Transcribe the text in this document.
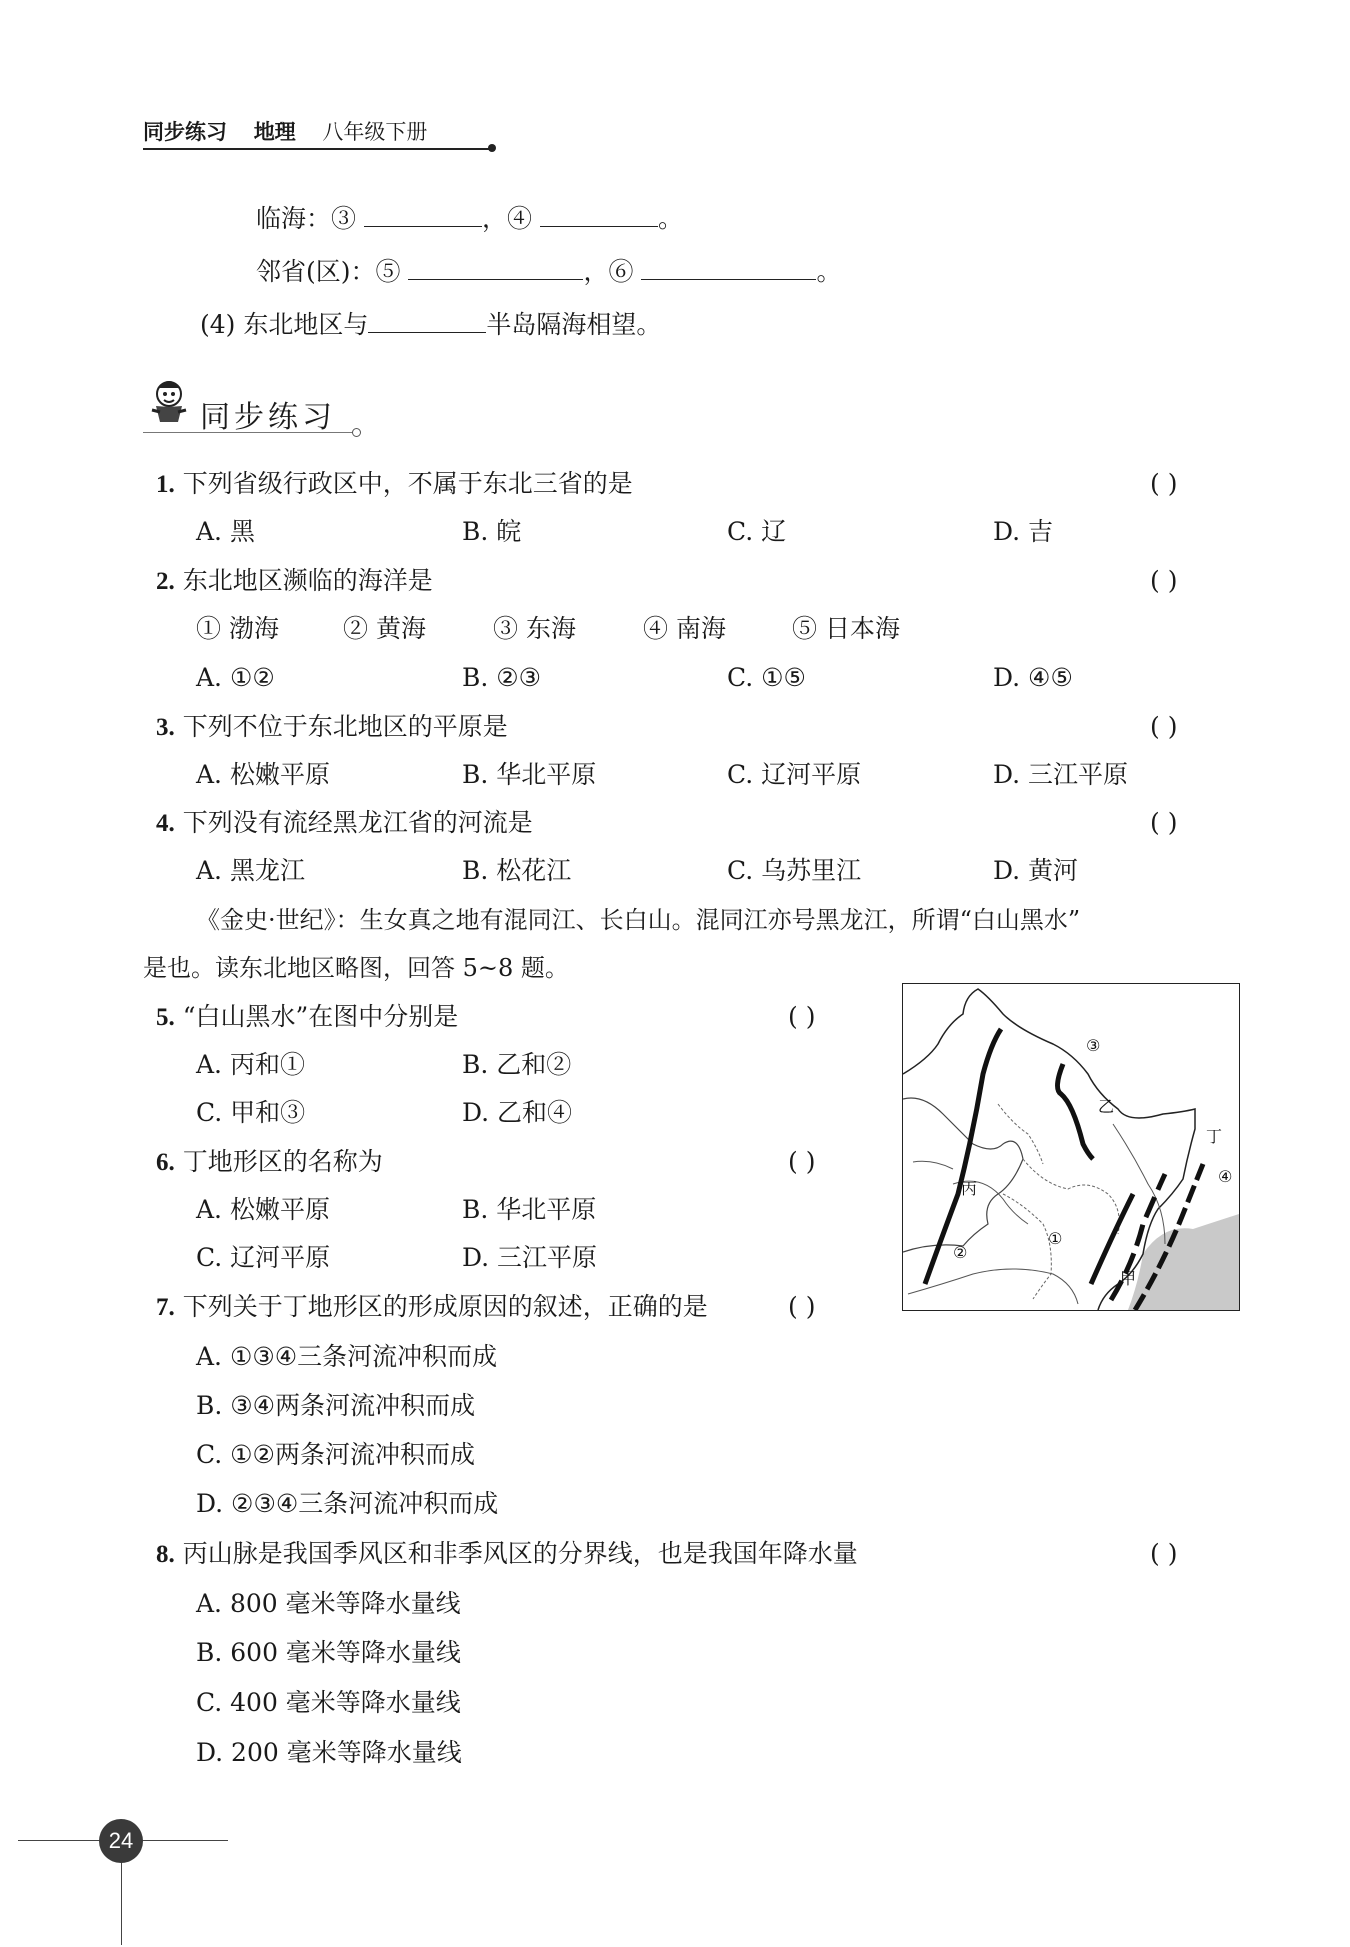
同步练习 地理 八年级下册
临海：③	，④	。
邻省(区)：⑤	，⑥	。
(4) 东北地区与	半岛隔海相望。
同步练习
1. 下列省级行政区中，不属于东北三省的是	( )
A. 黑	B. 皖	C. 辽	D. 吉
2. 东北地区濒临的海洋是	( )
① 渤海	② 黄海	③ 东海	④ 南海	⑤ 日本海
A. ①②	B. ②③	C. ①⑤	D. ④⑤
3. 下列不位于东北地区的平原是	( )
A. 松嫩平原	B. 华北平原	C. 辽河平原	D. 三江平原
4. 下列没有流经黑龙江省的河流是	( )
A. 黑龙江	B. 松花江	C. 乌苏里江	D. 黄河
《金史·世纪》：生女真之地有混同江、长白山。混同江亦号黑龙江，所谓“白山黑水”
是也。读东北地区略图，回答 5~8 题。
5. “白山黑水”在图中分别是	( )
A. 丙和①	B. 乙和②
C. 甲和③	D. 乙和④
6. 丁地形区的名称为	( )
A. 松嫩平原	B. 华北平原
C. 辽河平原	D. 三江平原
7. 下列关于丁地形区的形成原因的叙述，正确的是	( )
A. ①③④三条河流冲积而成
B. ③④两条河流冲积而成
C. ①②两条河流冲积而成
D. ②③④三条河流冲积而成
8. 丙山脉是我国季风区和非季风区的分界线，也是我国年降水量	( )
A. 800 毫米等降水量线
B. 600 毫米等降水量线
C. 400 毫米等降水量线
D. 200 毫米等降水量线
③
乙
丁
④
丙
②
①
甲
24
